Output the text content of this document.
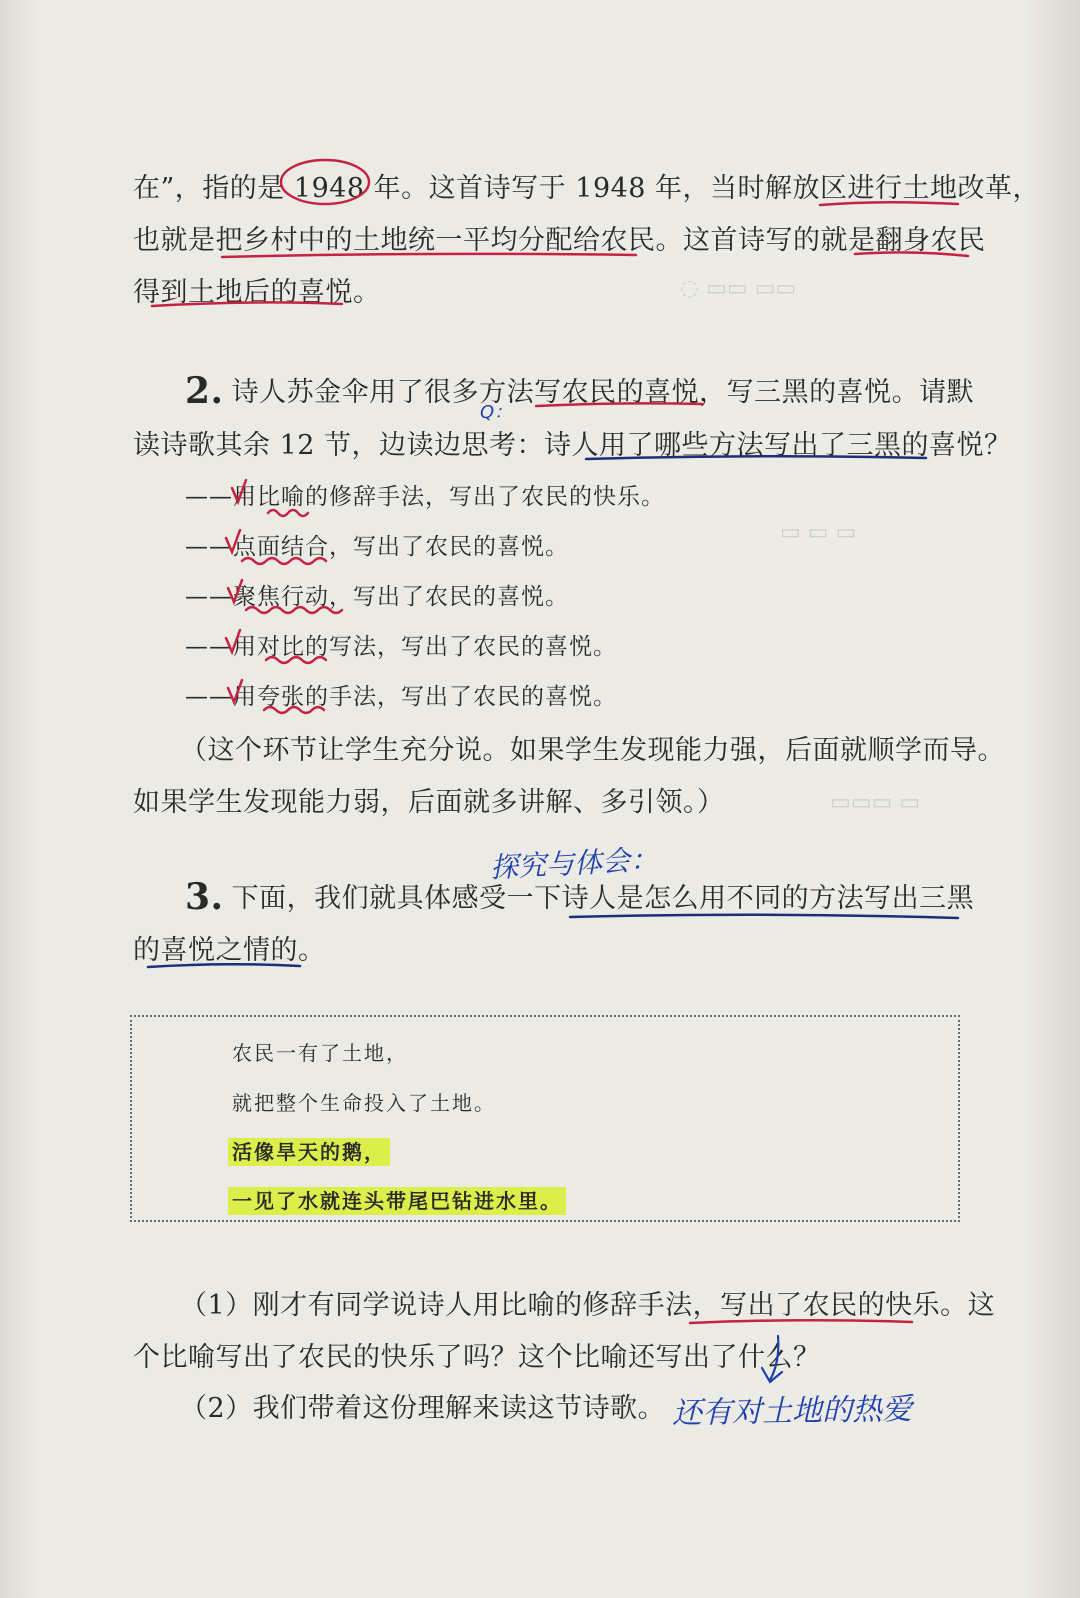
◌ ▭▭ ▭▭
▭ ▭ ▭
▭▭▭ ▭
在”，指的是 1948 年。这首诗写于 1948 年，当时解放区进行土地改革，
也就是把乡村中的土地统一平均分配给农民。这首诗写的就是翻身农民
得到土地后的喜悦。
2. 诗人苏金伞用了很多方法写农民的喜悦，写三黑的喜悦。请默
读诗歌其余 12 节，边读边思考：诗人用了哪些方法写出了三黑的喜悦？
——用比喻的修辞手法，写出了农民的快乐。
——点面结合，写出了农民的喜悦。
——聚焦行动，写出了农民的喜悦。
——用对比的写法，写出了农民的喜悦。
——用夸张的手法，写出了农民的喜悦。
（这个环节让学生充分说。如果学生发现能力强，后面就顺学而导。
如果学生发现能力弱，后面就多讲解、多引领。）
3. 下面，我们就具体感受一下诗人是怎么用不同的方法写出三黑
的喜悦之情的。
农民一有了土地，
就把整个生命投入了土地。
活像旱天的鹅，
一见了水就连头带尾巴钻进水里。
（1）刚才有同学说诗人用比喻的修辞手法，写出了农民的快乐。这
个比喻写出了农民的快乐了吗？这个比喻还写出了什么？
（2）我们带着这份理解来读这节诗歌。
探究与体会：
还有对土地的热爱
Q：
